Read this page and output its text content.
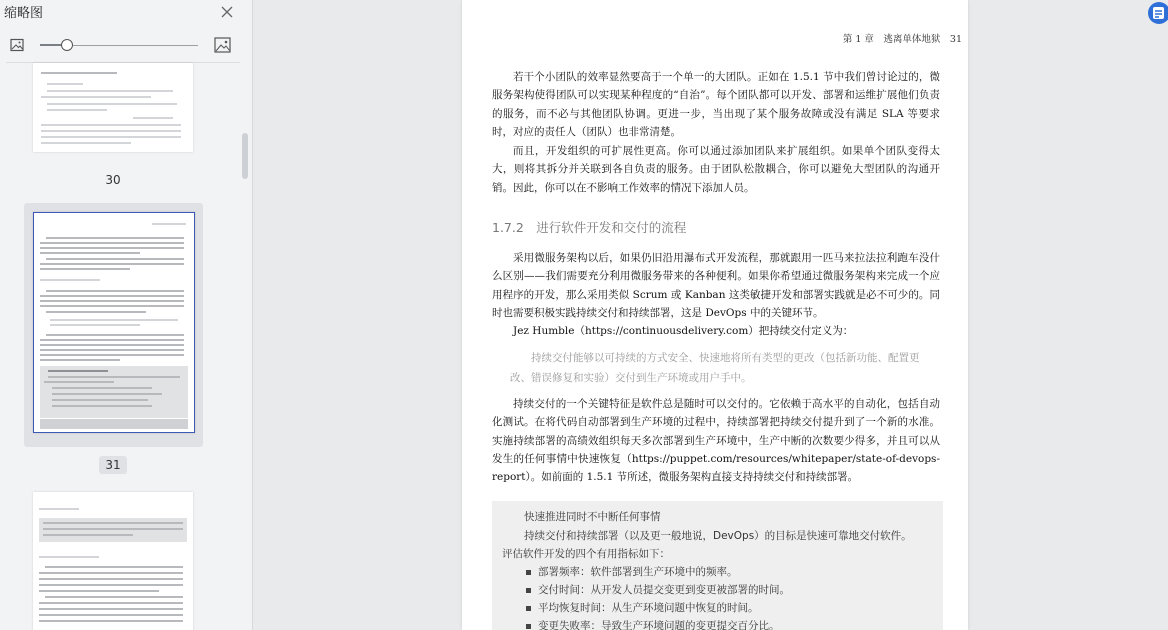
缩略图
30
31
第 1 章　逃离单体地狱　31
若干个小团队的效率显然要高于一个单一的大团队。正如在 1.5.1 节中我们曾讨论过的，微服务架构使得团队可以实现某种程度的“自治”。每个团队都可以开发、部署和运维扩展他们负责的服务，而不必与其他团队协调。更进一步，当出现了某个服务故障或没有满足 SLA 等要求时，对应的责任人（团队）也非常清楚。
而且，开发组织的可扩展性更高。你可以通过添加团队来扩展组织。如果单个团队变得太大，则将其拆分并关联到各自负责的服务。由于团队松散耦合，你可以避免大型团队的沟通开销。因此，你可以在不影响工作效率的情况下添加人员。
1.7.2　进行软件开发和交付的流程
采用微服务架构以后，如果仍旧沿用瀑布式开发流程，那就跟用一匹马来拉法拉利跑车没什么区别——我们需要充分利用微服务带来的各种便利。如果你希望通过微服务架构来完成一个应用程序的开发，那么采用类似 Scrum 或 Kanban 这类敏捷开发和部署实践就是必不可少的。同时也需要积极实践持续交付和持续部署，这是 DevOps 中的关键环节。
Jez Humble（https://continuousdelivery.com）把持续交付定义为：
持续交付能够以可持续的方式安全、快速地将所有类型的更改（包括新功能、配置更改、错误修复和实验）交付到生产环境或用户手中。
持续交付的一个关键特征是软件总是随时可以交付的。它依赖于高水平的自动化，包括自动化测试。在将代码自动部署到生产环境的过程中，持续部署把持续交付提升到了一个新的水准。实施持续部署的高绩效组织每天多次部署到生产环境中，生产中断的次数要少得多，并且可以从发生的任何事情中快速恢复（https://puppet.com/resources/whitepaper/state-of-devops-report）。如前面的 1.5.1 节所述，微服务架构直接支持持续交付和持续部署。
快速推进同时不中断任何事情
持续交付和持续部署（以及更一般地说，DevOps）的目标是快速可靠地交付软件。
评估软件开发的四个有用指标如下：
部署频率：软件部署到生产环境中的频率。
交付时间：从开发人员提交变更到变更被部署的时间。
平均恢复时间：从生产环境问题中恢复的时间。
变更失败率：导致生产环境问题的变更提交百分比。
